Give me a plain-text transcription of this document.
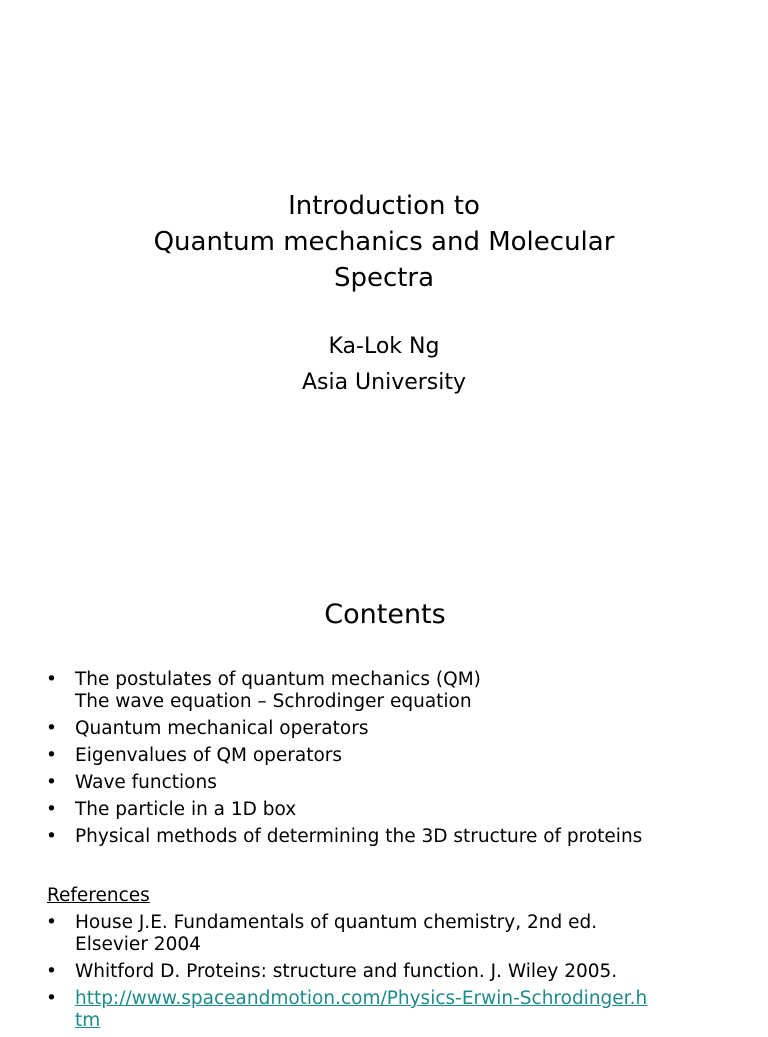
Introduction to
Quantum mechanics and Molecular
Spectra
Ka-Lok Ng
Asia University
Contents
• The postulates of quantum mechanics (QM)
The wave equation – Schrodinger equation
• Quantum mechanical operators
• Eigenvalues of QM operators
• Wave functions
• The particle in a 1D box
• Physical methods of determining the 3D structure of proteins
References
• House J.E. Fundamentals of quantum chemistry, 2nd ed.
Elsevier 2004
• Whitford D. Proteins: structure and function. J. Wiley 2005.
• http://www.spaceandmotion.com/Physics-Erwin-Schrodinger.h
tm
